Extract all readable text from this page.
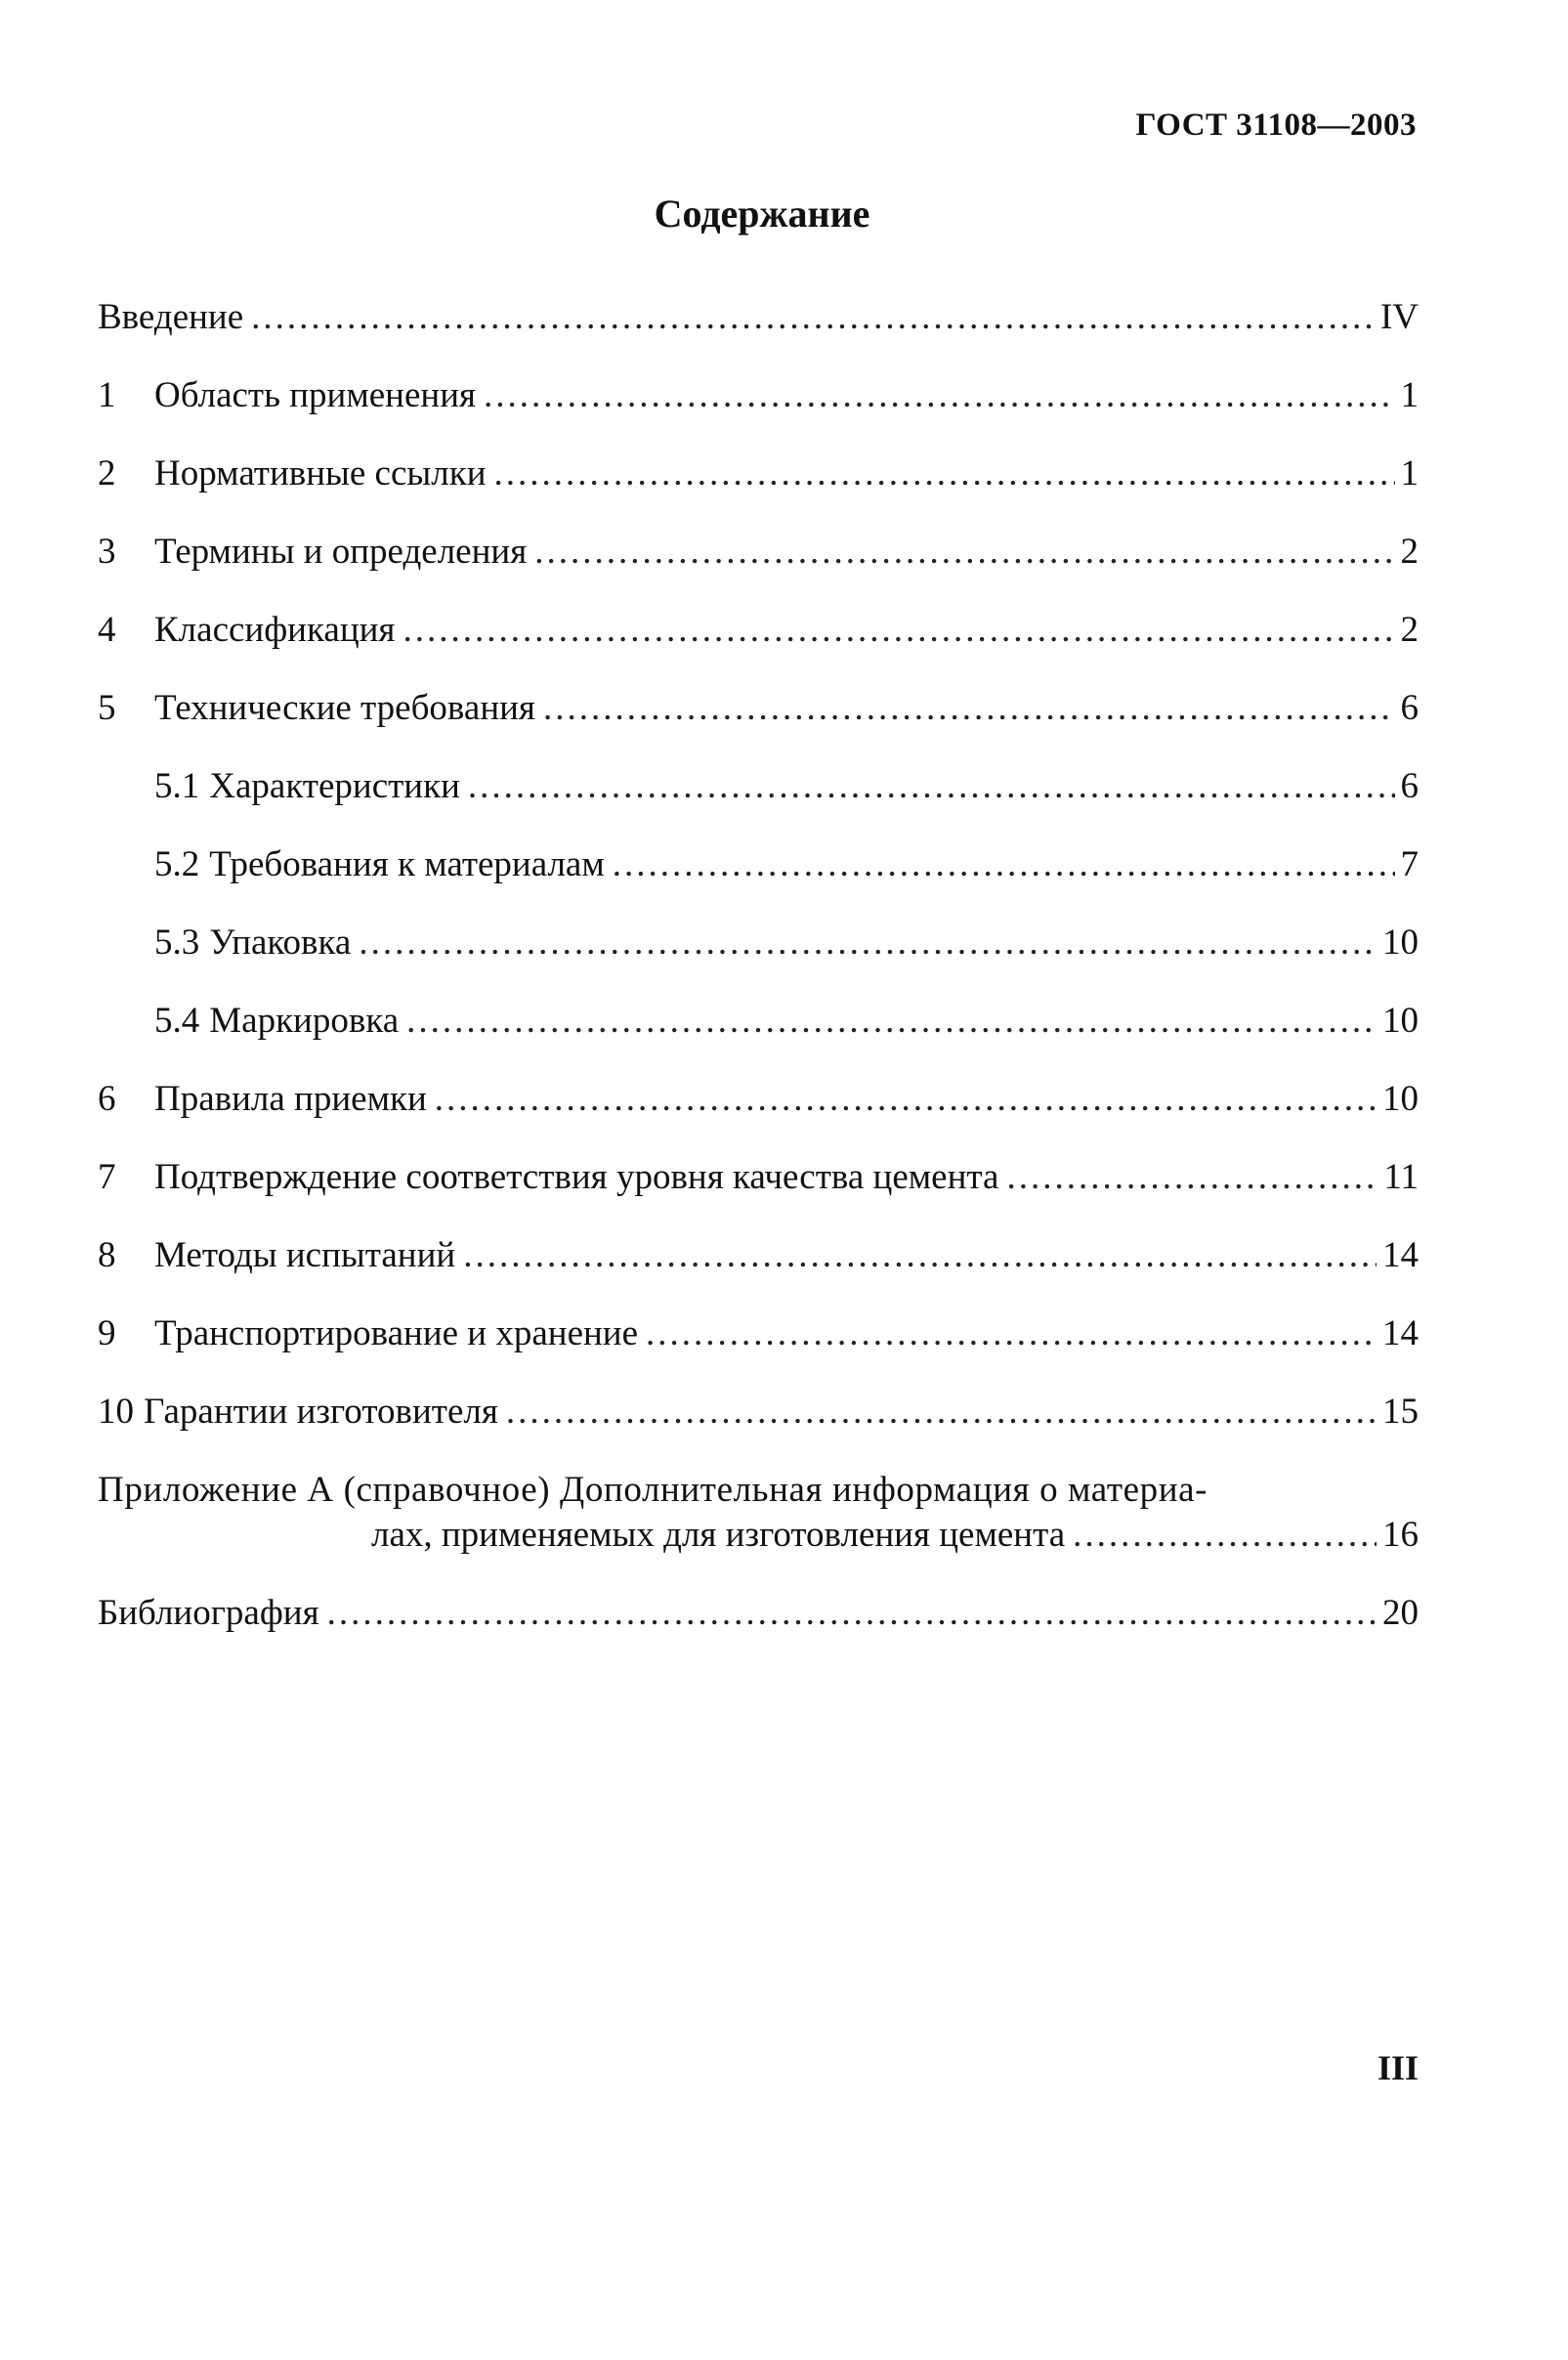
ГОСТ 31108—2003
Содержание
Введение .....	IV
1	Область применения .....	1
2	Нормативные ссылки .....	1
3	Термины и определения .....	2
4	Классификация .....	2
5	Технические требования .....	6
5.1 Характеристики .....	6
5.2 Требования к материалам .....	7
5.3 Упаковка .....	10
5.4 Маркировка .....	10
6	Правила приемки .....	10
7	Подтверждение соответствия уровня качества цемента .....	11
8	Методы испытаний .....	14
9	Транспортирование и хранение .....	14
10 Гарантии изготовителя .....	15
Приложение А (справочное) Дополнительная информация о материа-
лах, применяемых для изготовления цемента .....	16
Библиография .....	20
III
